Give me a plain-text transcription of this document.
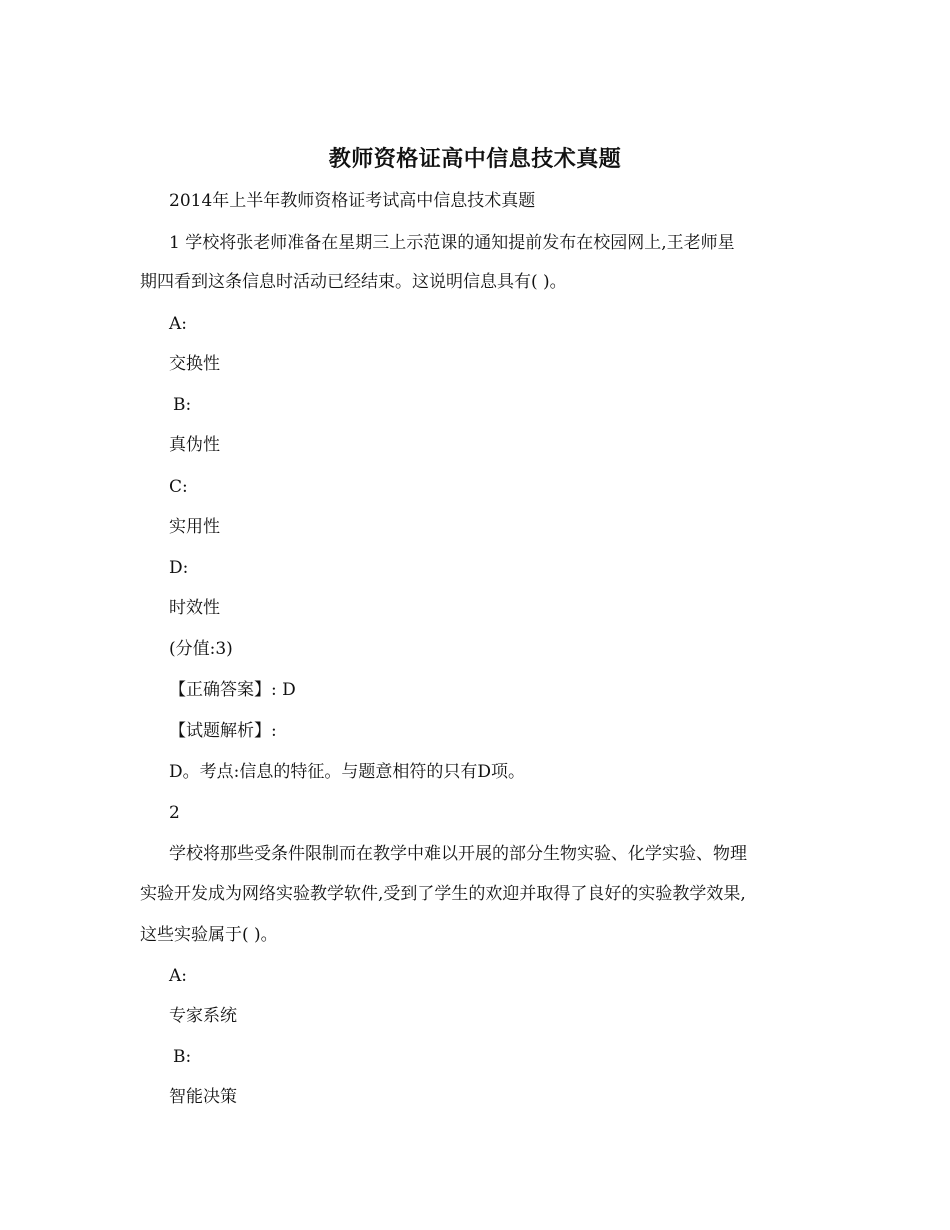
教师资格证高中信息技术真题
2014年上半年教师资格证考试高中信息技术真题
1 学校将张老师准备在星期三上示范课的通知提前发布在校园网上,王老师星
期四看到这条信息时活动已经结束。这说明信息具有( )。
A:
交换性
B:
真伪性
C:
实用性
D:
时效性
(分值:3)
【正确答案】: D
【试题解析】:
D。考点:信息的特征。与题意相符的只有D项。
2
学校将那些受条件限制而在教学中难以开展的部分生物实验、化学实验、物理
实验开发成为网络实验教学软件,受到了学生的欢迎并取得了良好的实验教学效果,
这些实验属于( )。
A:
专家系统
B:
智能决策
